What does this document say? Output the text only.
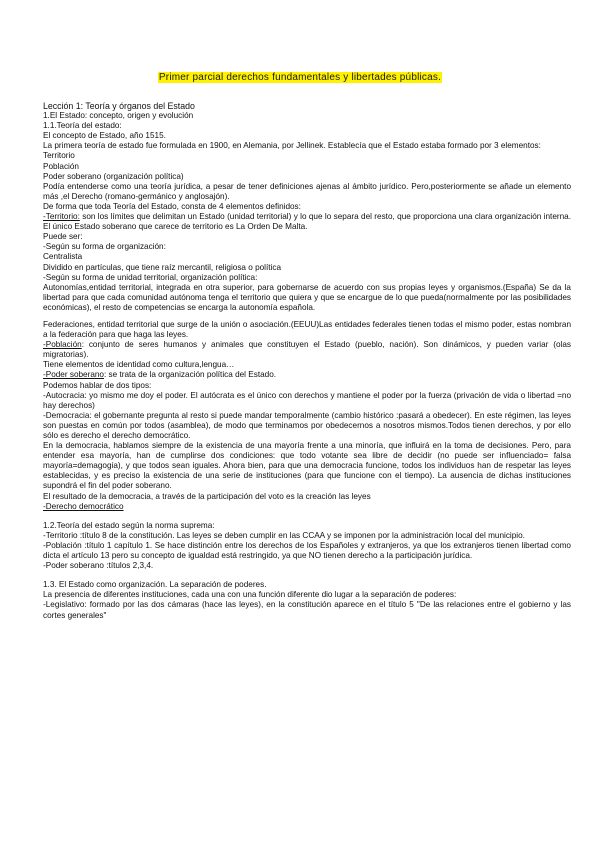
Primer parcial derechos fundamentales y libertades públicas.

Lección 1: Teoría y órganos del Estado

1.El Estado: concepto, origen y evolución

1.1.Teoría del estado:

El concepto de Estado, año 1515.

La primera teoría de estado fue formulada en 1900, en Alemania, por Jellinek. Establecía que el Estado estaba formado por 3 elementos:

Territorio

Población

Poder soberano (organización política)

Podía entenderse como una teoría jurídica, a pesar de tener definiciones ajenas al ámbito jurídico. Pero,posteriormente se añade un elemento más ,el Derecho (romano-germánico y anglosajón).

De forma que toda Teoría del Estado, consta de 4 elementos definidos:

-Territorio: son los límites que delimitan un Estado (unidad territorial) y lo que lo separa del resto, que proporciona una clara organización interna. El único Estado soberano que carece de territorio es La Orden De Malta.

Puede ser:

-Según su forma de organización:

Centralista

Dividido en partículas, que tiene raíz mercantil, religiosa o política

-Según su forma de unidad territorial, organización política:

Autonomías,entidad territorial, integrada en otra superior, para gobernarse de acuerdo con sus propias leyes y organismos.(España) Se da la libertad para que cada comunidad autónoma tenga el territorio que quiera y que se encargue de lo que pueda(normalmente por las posibilidades económicas), el resto de competencias se encarga la autonomía española.

Federaciones, entidad territorial que surge de la unión o asociación.(EEUU)Las entidades federales tienen todas el mismo poder, estas nombran a la federación para que haga las leyes.

-Población: conjunto de seres humanos y animales que constituyen el Estado (pueblo, nación). Son dinámicos, y pueden variar (olas migratorias).

Tiene elementos de identidad como cultura,lengua…

-Poder soberano: se trata de la organización política del Estado.

Podemos hablar de dos tipos:

-Autocracia: yo mismo me doy el poder. El autócrata es el único con derechos y mantiene el poder por la fuerza (privación de vida o libertad =no hay derechos)

-Democracia: el gobernante pregunta al resto si puede mandar temporalmente (cambio histórico :pasará a obedecer). En este régimen, las leyes son puestas en común por todos (asamblea), de modo que terminamos por obedecernos a nosotros mismos.Todos tienen derechos, y por ello sólo es derecho el derecho democrático.

En la democracia, hablamos siempre de la existencia de una mayoría frente a una minoría, que influirá en la toma de decisiones. Pero, para entender esa mayoría, han de cumplirse dos condiciones: que todo votante sea libre de decidir (no puede ser influenciado= falsa mayoría=demagogia), y que todos sean iguales. Ahora bien, para que una democracia funcione, todos los individuos han de respetar las leyes establecidas, y es preciso la existencia de una serie de instituciones (para que funcione con el tiempo). La ausencia de dichas instituciones supondrá el fin del poder soberano.

El resultado de la democracia, a través de la participación del voto es la creación las leyes

-Derecho democrático

1.2.Teoría del estado según la norma suprema:

-Territorio :título 8 de la constitución. Las leyes se deben cumplir en las CCAA y se imponen por la administración local del municipio.

-Población :título 1 capítulo 1. Se hace distinción entre los derechos de los Españoles y extranjeros, ya que los extranjeros tienen libertad como dicta el artículo 13 pero su concepto de igualdad está restringido, ya que NO tienen derecho a la participación jurídica.

-Poder soberano :títulos 2,3,4.

1.3. El Estado como organización. La separación de poderes.

La presencia de diferentes instituciones, cada una con una función diferente dio lugar a la separación de poderes:

-Legislativo: formado por las dos cámaras (hace las leyes), en la constitución aparece en el título 5 "De las relaciones entre el gobierno y las cortes generales"
